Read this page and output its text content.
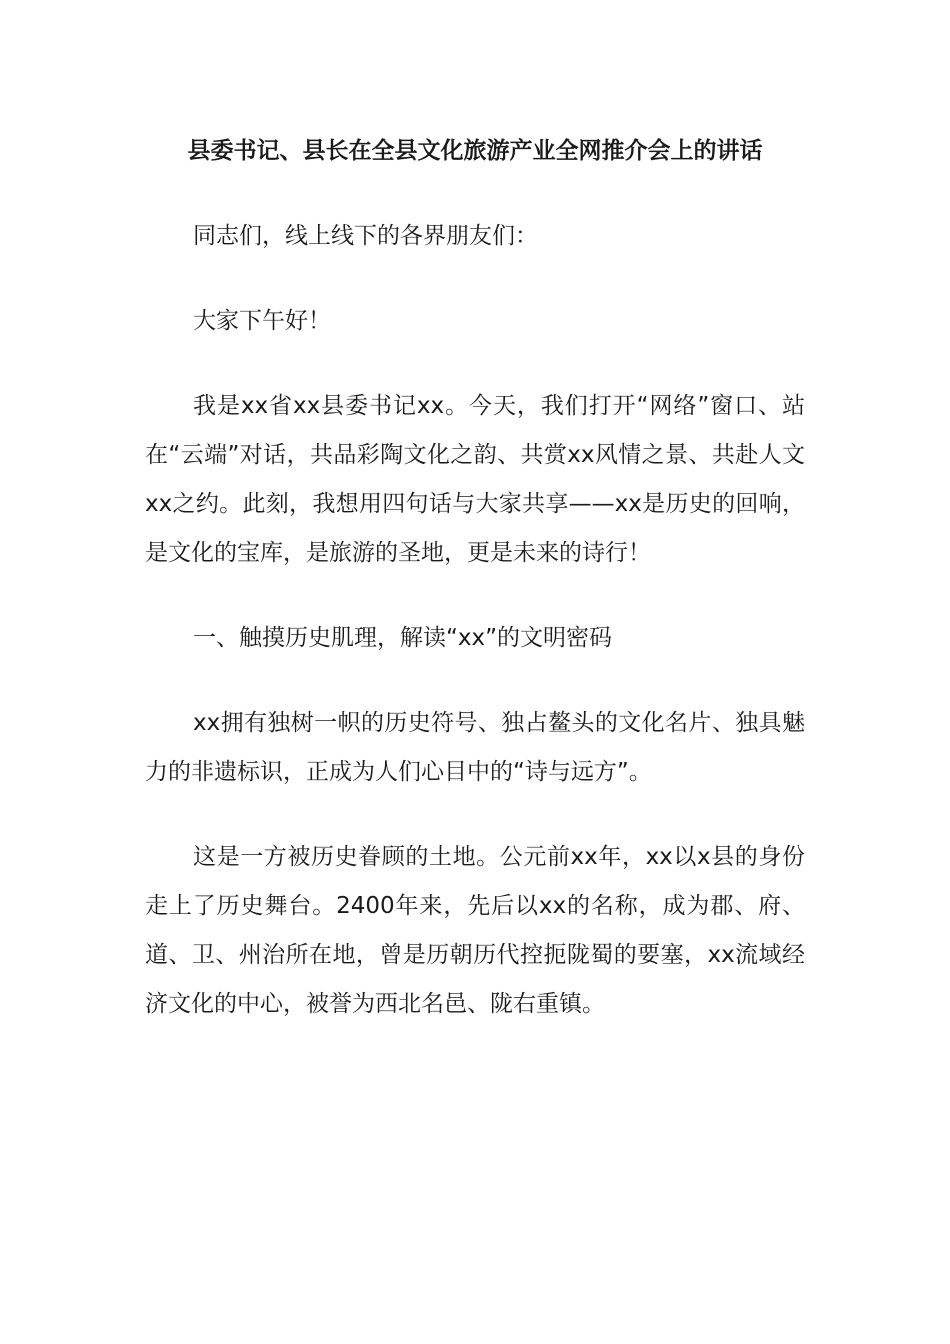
县委书记、县长在全县文化旅游产业全网推介会上的讲话

同志们，线上线下的各界朋友们：

大家下午好！

我是xx省xx县委书记xx。今天，我们打开“网络”窗口、站在“云端”对话，共品彩陶文化之韵、共赏xx风情之景、共赴人文xx之约。此刻，我想用四句话与大家共享——xx是历史的回响，是文化的宝库，是旅游的圣地，更是未来的诗行！

一、触摸历史肌理，解读“xx”的文明密码

xx拥有独树一帜的历史符号、独占鳌头的文化名片、独具魅力的非遗标识，正成为人们心目中的“诗与远方”。

这是一方被历史眷顾的土地。公元前xx年，xx以x县的身份走上了历史舞台。2400年来，先后以xx的名称，成为郡、府、道、卫、州治所在地，曾是历朝历代控扼陇蜀的要塞，xx流域经济文化的中心，被誉为西北名邑、陇右重镇。
